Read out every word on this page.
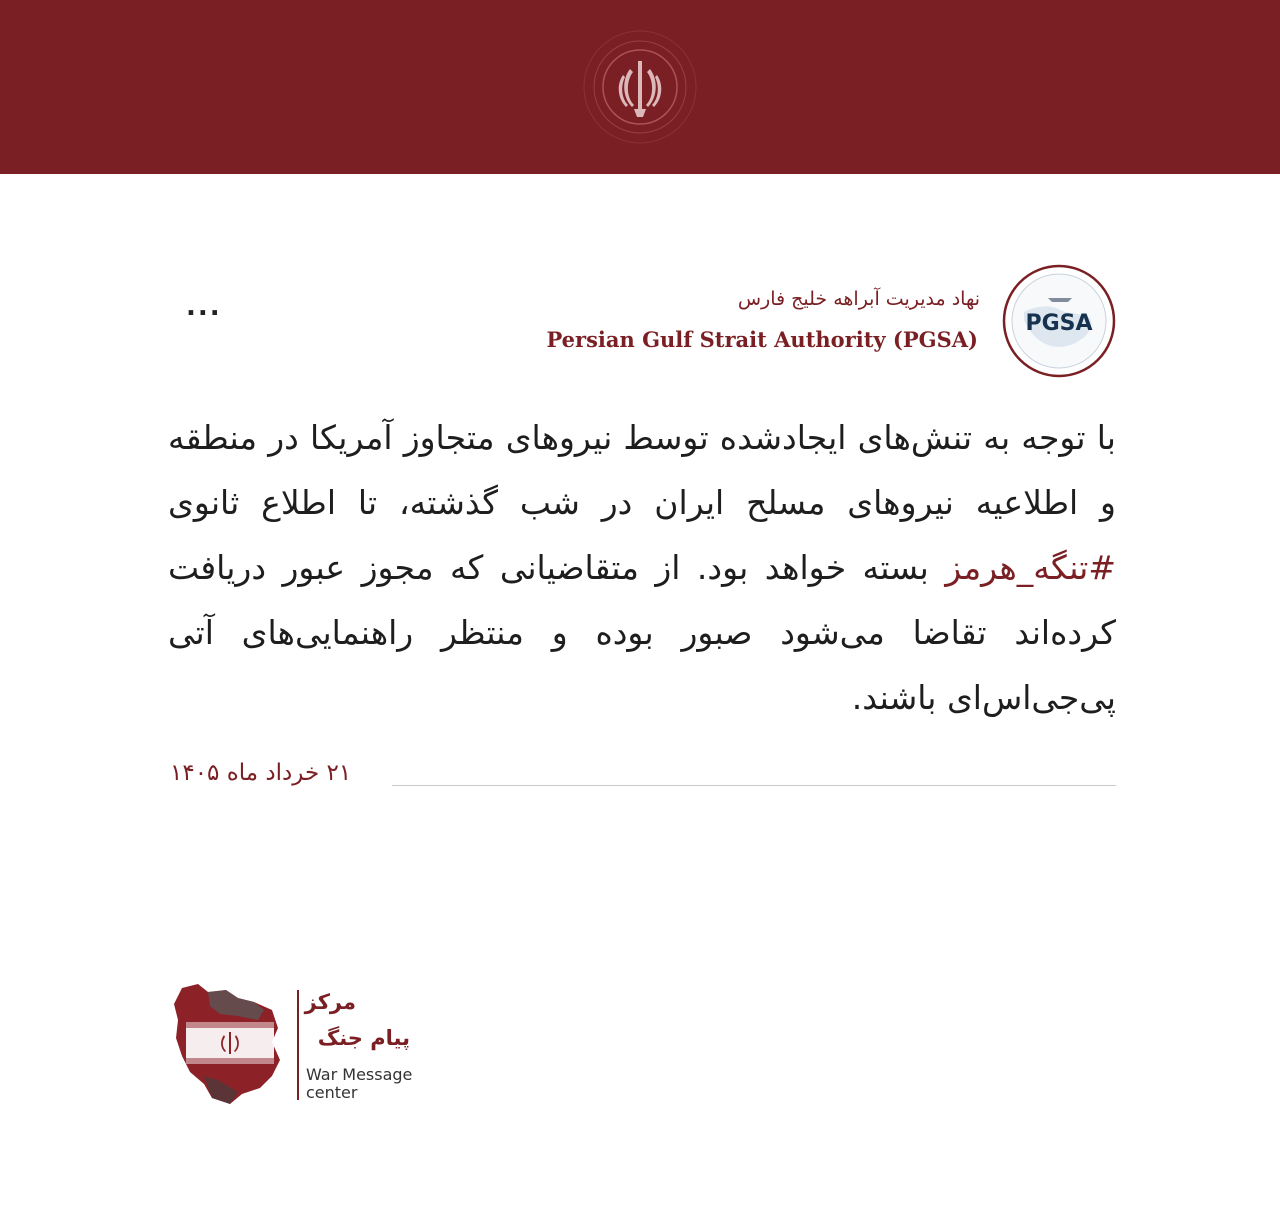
...	نهاد مدیریت آبراهه خلیج فارس
Persian Gulf Strait Authority (PGSA)
PGSA
با توجه به تنش‌های ایجادشده توسط نیروهای متجاوز آمریکا در منطقه و اطلاعیه نیروهای مسلح ایران در شب گذشته، تا اطلاع ثانوی #تنگه_هرمز بسته خواهد بود. از متقاضیانی که مجوز عبور دریافت کرده‌اند تقاضا می‌شود صبور بوده و منتظر راهنمایی‌های آتی پی‌جی‌اس‌ای باشند.
۲۱ خرداد ماه ۱۴۰۵
مرکز
پیام جنگ
War Message
center
